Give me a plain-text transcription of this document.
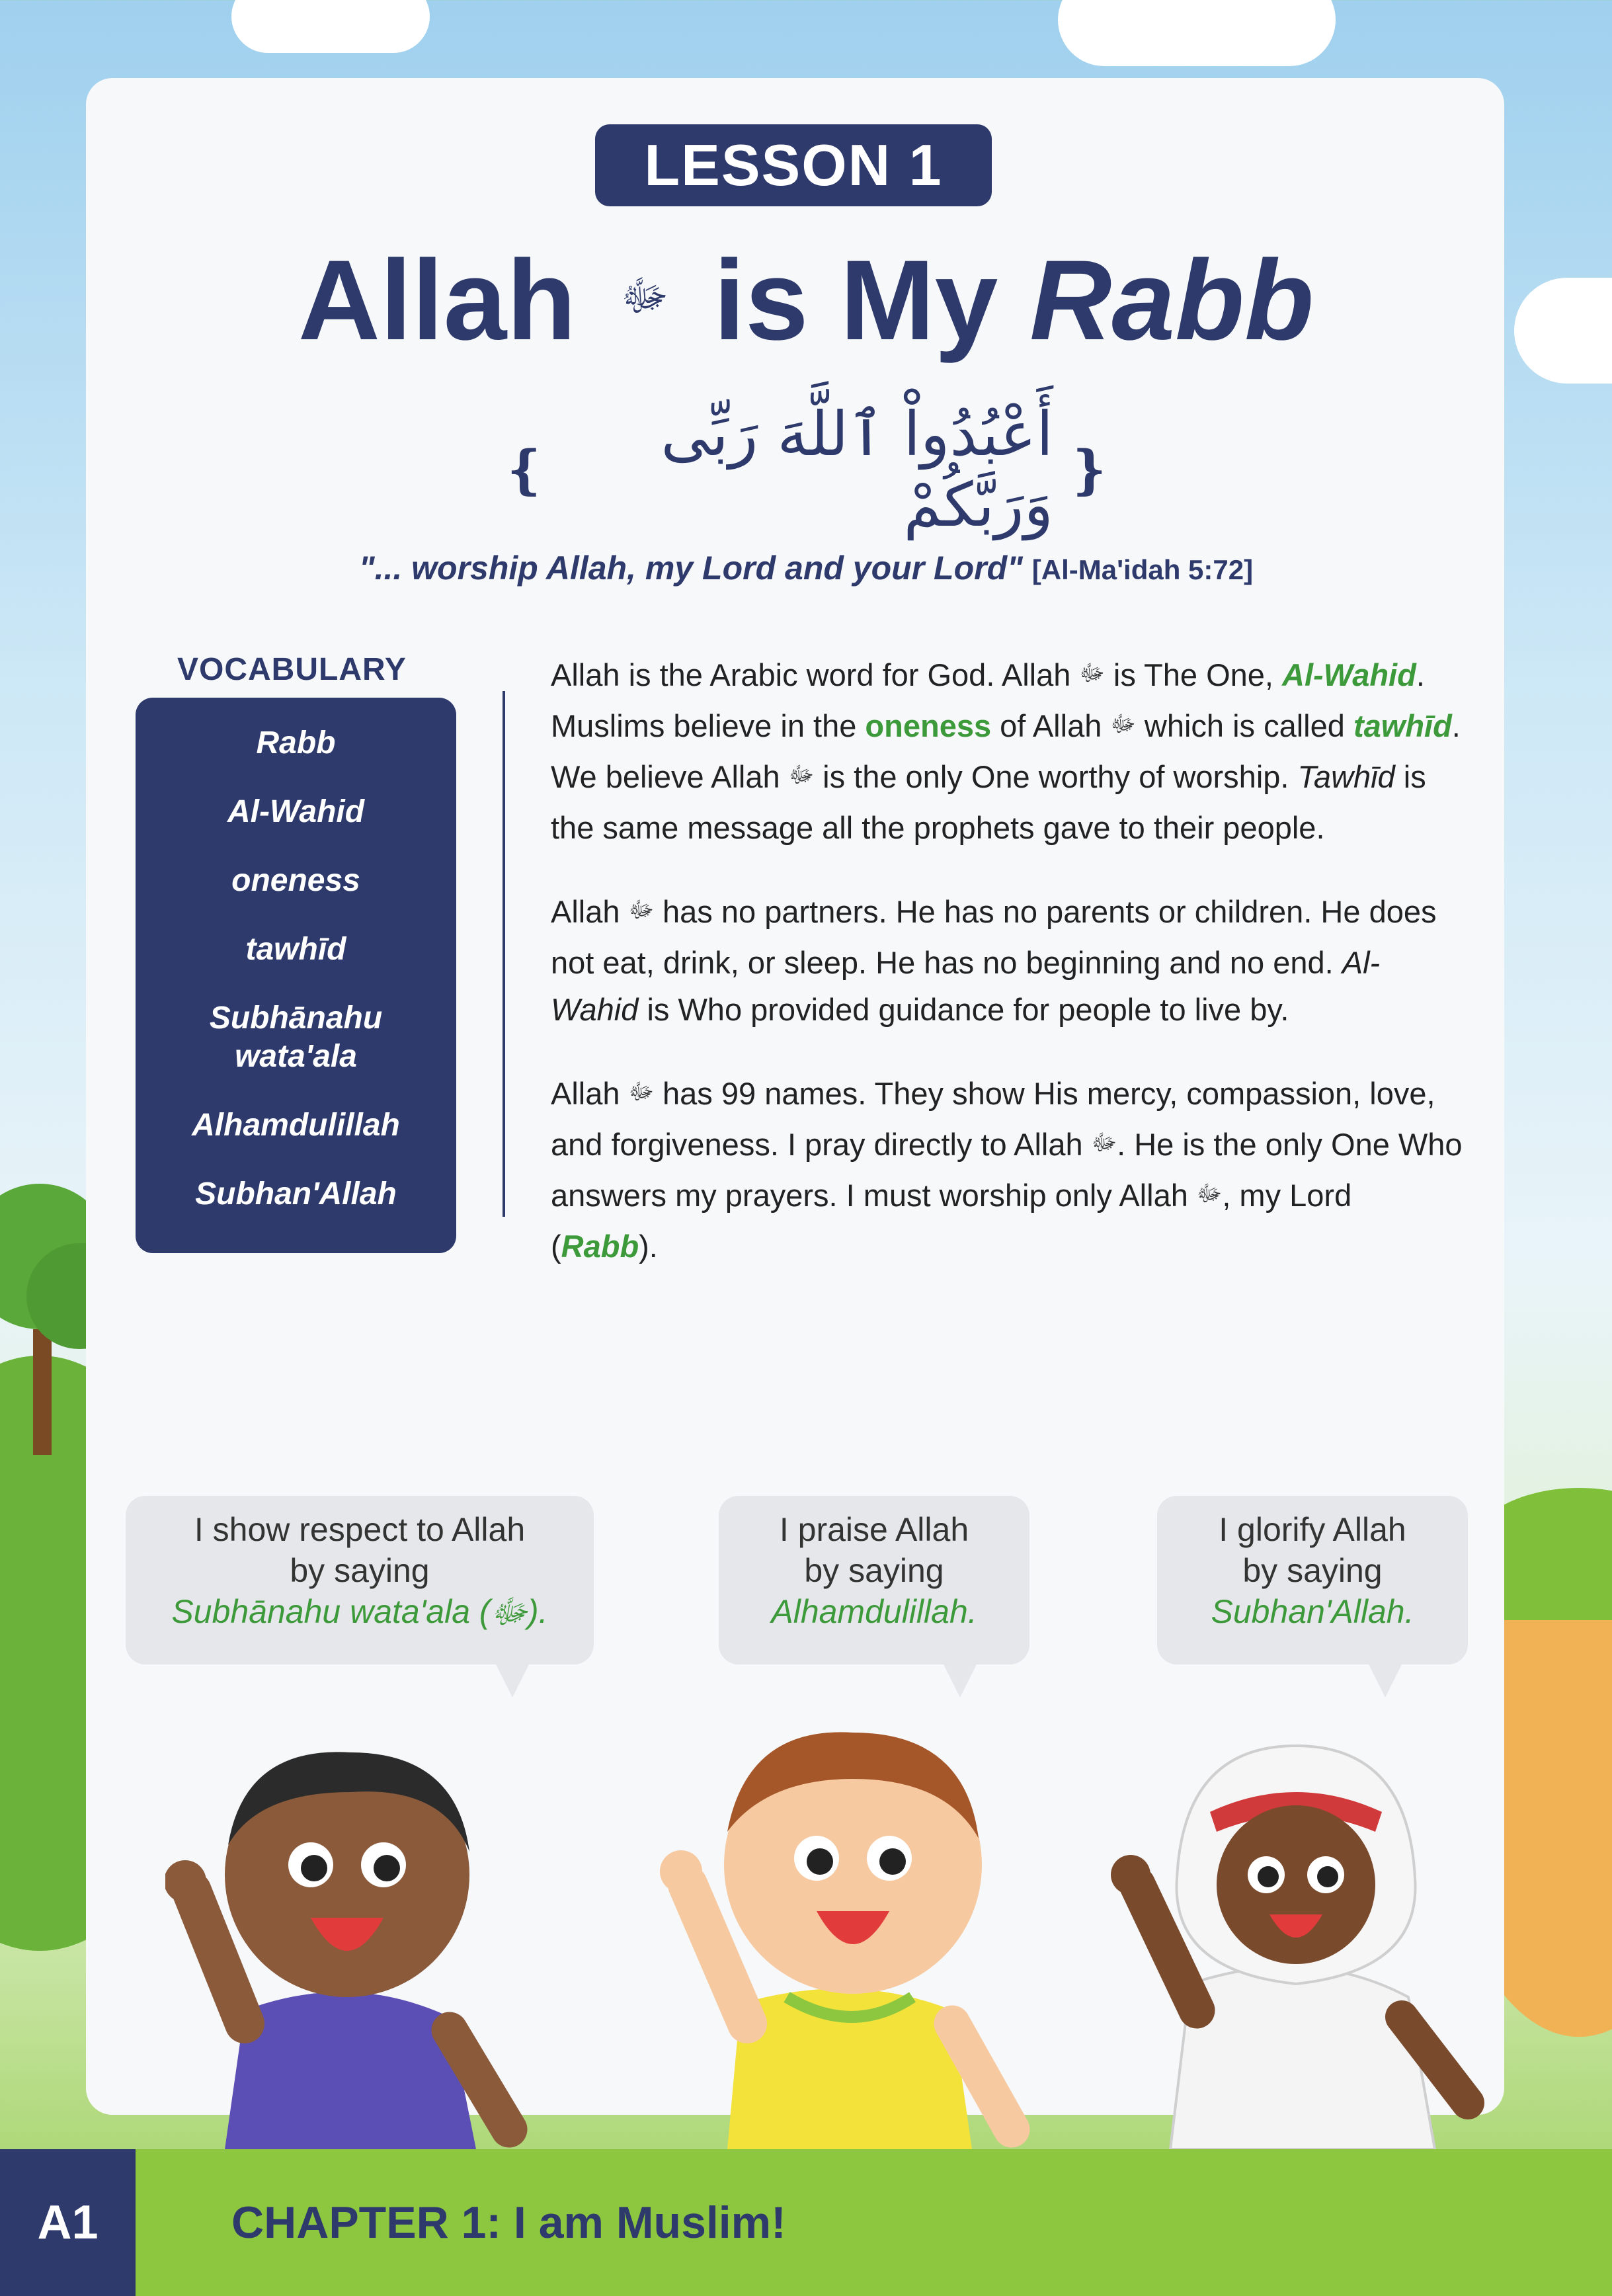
LESSON 1
Allah ﷻ is My Rabb
❴	أَعْبُدُواْ ٱللَّهَ رَبِّى وَرَبَّكُمْ ❵
"... worship Allah, my Lord and your Lord" [Al-Ma'idah 5:72]
VOCABULARY
Rabb
Al-Wahid
oneness
tawhīd
Subhānahu wata'ala
Alhamdulillah
Subhan'Allah

Allah is the Arabic word for God. Allah ﷻ is The One, Al-Wahid. Muslims believe in the oneness of Allah ﷻ which is called tawhīd. We believe Allah ﷻ is the only One worthy of worship. Tawhīd is the same message all the prophets gave to their people.

Allah ﷻ has no partners. He has no parents or children. He does not eat, drink, or sleep. He has no beginning and no end. Al-Wahid is Who provided guidance for people to live by.

Allah ﷻ has 99 names. They show His mercy, compassion, love, and forgiveness. I pray directly to Allah ﷻ. He is the only One Who answers my prayers. I must worship only Allah ﷻ, my Lord (Rabb).

I show respect to Allah
by saying
Subhānahu wata'ala (ﷻ).
I praise Allah
by saying
Alhamdulillah.
I glorify Allah
by saying
Subhan'Allah.
A1	CHAPTER 1: I am Muslim!
